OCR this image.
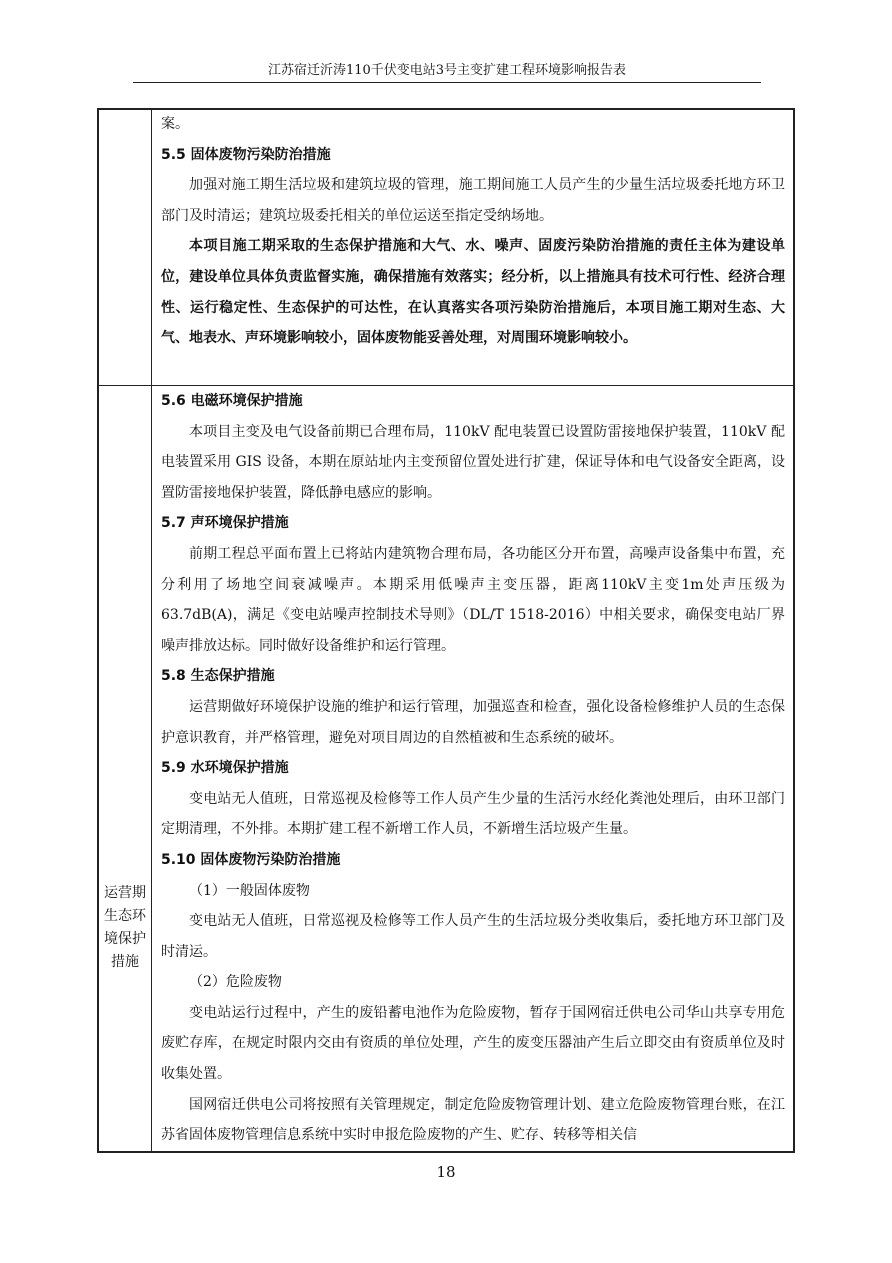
江苏宿迁沂涛110千伏变电站3号主变扩建工程环境影响报告表
运营期生态环境保护措施

案。

5.5 固体废物污染防治措施

加强对施工期生活垃圾和建筑垃圾的管理，施工期间施工人员产生的少量生活垃圾委托地方环卫部门及时清运；建筑垃圾委托相关的单位运送至指定受纳场地。

本项目施工期采取的生态保护措施和大气、水、噪声、固废污染防治措施的责任主体为建设单位，建设单位具体负责监督实施，确保措施有效落实；经分析，以上措施具有技术可行性、经济合理性、运行稳定性、生态保护的可达性，在认真落实各项污染防治措施后，本项目施工期对生态、大气、地表水、声环境影响较小，固体废物能妥善处理，对周围环境影响较小。

5.6 电磁环境保护措施

本项目主变及电气设备前期已合理布局，110kV 配电装置已设置防雷接地保护装置，110kV 配电装置采用 GIS 设备，本期在原站址内主变预留位置处进行扩建，保证导体和电气设备安全距离，设置防雷接地保护装置，降低静电感应的影响。

5.7 声环境保护措施

前期工程总平面布置上已将站内建筑物合理布局，各功能区分开布置，高噪声设备集中布置，充分利用了场地空间衰减噪声。本期采用低噪声主变压器，距离110kV主变1m处声压级为63.7dB(A)，满足《变电站噪声控制技术导则》（DL/T 1518-2016）中相关要求，确保变电站厂界噪声排放达标。同时做好设备维护和运行管理。

5.8 生态保护措施

运营期做好环境保护设施的维护和运行管理，加强巡查和检查，强化设备检修维护人员的生态保护意识教育，并严格管理，避免对项目周边的自然植被和生态系统的破坏。

5.9 水环境保护措施

变电站无人值班，日常巡视及检修等工作人员产生少量的生活污水经化粪池处理后，由环卫部门定期清理，不外排。本期扩建工程不新增工作人员，不新增生活垃圾产生量。

5.10 固体废物污染防治措施

（1）一般固体废物

变电站无人值班，日常巡视及检修等工作人员产生的生活垃圾分类收集后，委托地方环卫部门及时清运。

（2）危险废物

变电站运行过程中，产生的废铅蓄电池作为危险废物，暂存于国网宿迁供电公司华山共享专用危废贮存库，在规定时限内交由有资质的单位处理，产生的废变压器油产生后立即交由有资质单位及时收集处置。

国网宿迁供电公司将按照有关管理规定，制定危险废物管理计划、建立危险废物管理台账，在江苏省固体废物管理信息系统中实时申报危险废物的产生、贮存、转移等相关信

18
